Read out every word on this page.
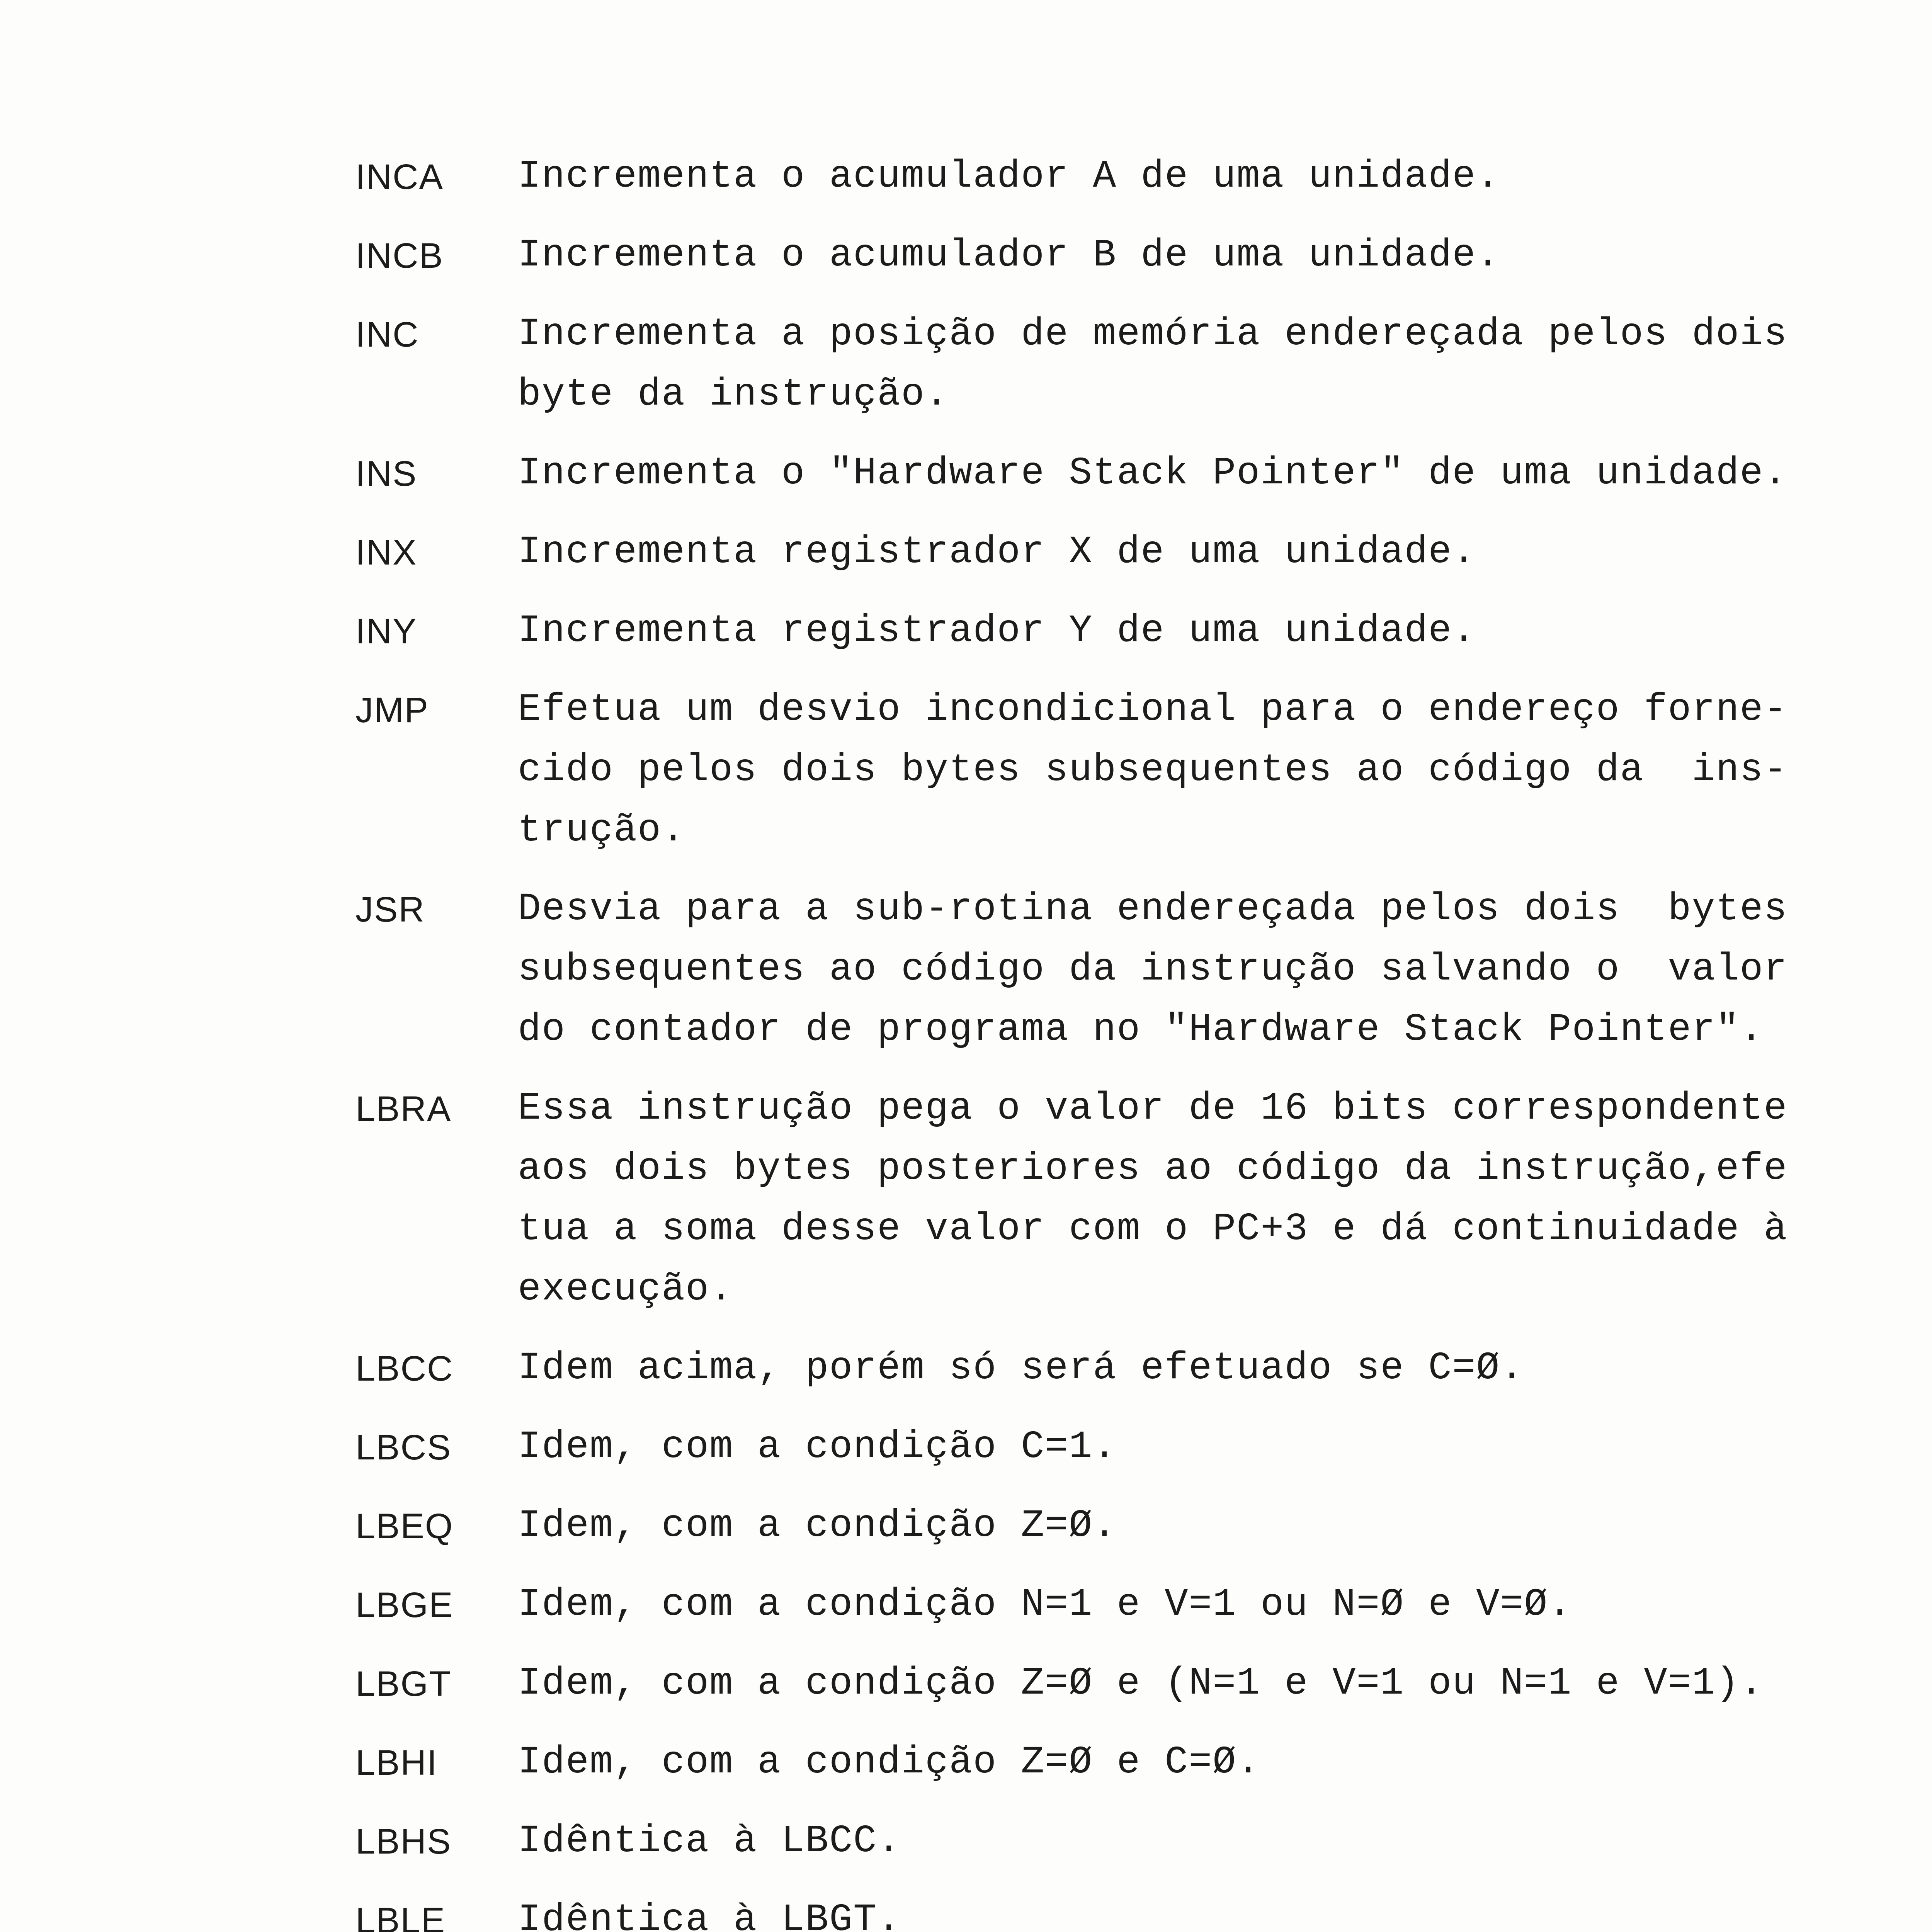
INCA	Incrementa o acumulador A de uma unidade.
INCB	Incrementa o acumulador B de uma unidade.
INC	Incrementa a posição de memória endereçada pelos dois
byte da instrução.
INS	Incrementa o "Hardware Stack Pointer" de uma unidade.
INX	Incrementa registrador X de uma unidade.
INY	Incrementa registrador Y de uma unidade.
JMP	Efetua um desvio incondicional para o endereço forne-
cido pelos dois bytes subsequentes ao código da  ins-
trução.
JSR	Desvia para a sub-rotina endereçada pelos dois  bytes
subsequentes ao código da instrução salvando o  valor
do contador de programa no "Hardware Stack Pointer".
LBRA	Essa instrução pega o valor de 16 bits correspondente
aos dois bytes posteriores ao código da instrução,efe
tua a soma desse valor com o PC+3 e dá continuidade à
execução.
LBCC	Idem acima, porém só será efetuado se C=Ø.
LBCS	Idem, com a condição C=1.
LBEQ	Idem, com a condição Z=Ø.
LBGE	Idem, com a condição N=1 e V=1 ou N=Ø e V=Ø.
LBGT	Idem, com a condição Z=Ø e (N=1 e V=1 ou N=1 e V=1).
LBHI	Idem, com a condição Z=Ø e C=Ø.
LBHS	Idêntica à LBCC.
LBLE	Idêntica à LBGT.
